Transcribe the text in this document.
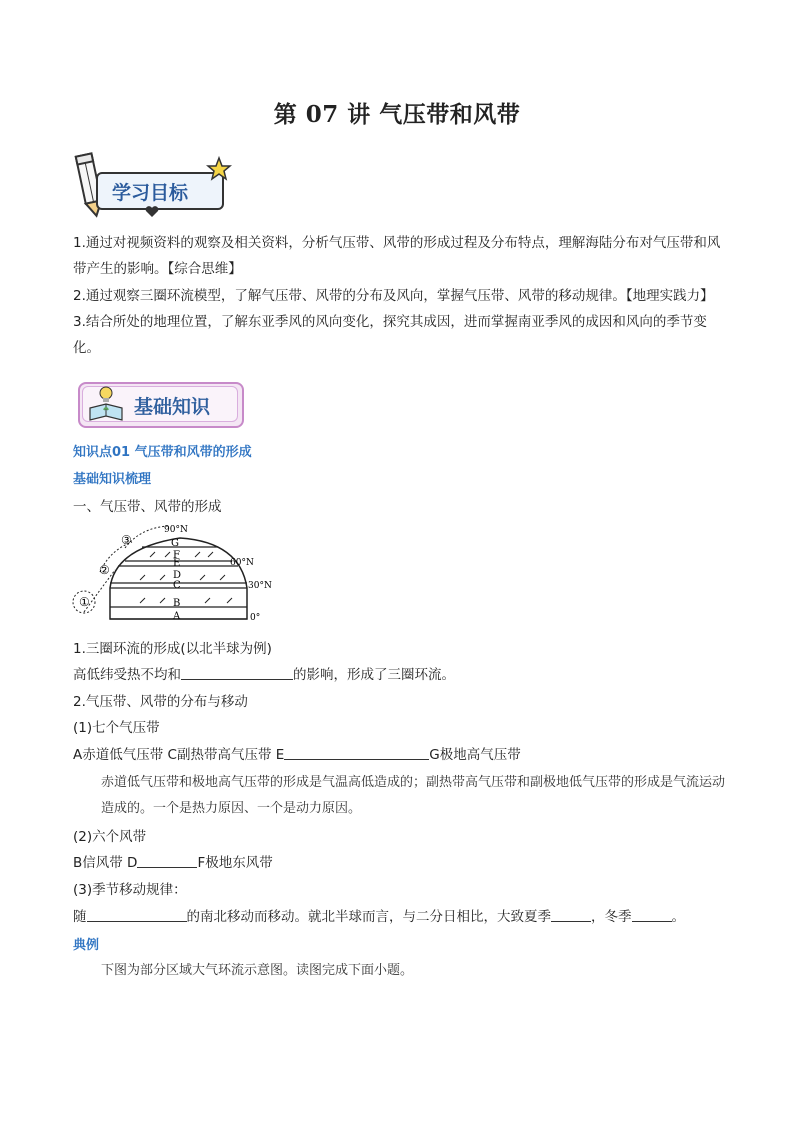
第 07 讲 气压带和风带
学习目标
1.通过对视频资料的观察及相关资料，分析气压带、风带的形成过程及分布特点，理解海陆分布对气压带和风带产生的影响。【综合思维】
2.通过观察三圈环流模型，了解气压带、风带的分布及风向，掌握气压带、风带的移动规律。【地理实践力】
3.结合所处的地理位置，了解东亚季风的风向变化，探究其成因，进而掌握南亚季风的成因和风向的季节变化。
基础知识
知识点01 气压带和风带的形成
基础知识梳理
一、气压带、风带的形成
③
②
①
G
F
E
D
C
B
A
90°N
60°N
30°N
0°
1.三圈环流的形成(以北半球为例)
高低纬受热不均和	的影响，形成了三圈环流。
2.气压带、风带的分布与移动
(1)七个气压带
A赤道低气压带 C副热带高气压带 E	G极地高气压带
赤道低气压带和极地高气压带的形成是气温高低造成的；副热带高气压带和副极地低气压带的形成是气流运动造成的。一个是热力原因、一个是动力原因。
(2)六个风带
B信风带 D	F极地东风带
(3)季节移动规律：
随	的南北移动而移动。就北半球而言，与二分日相比，大致夏季	，冬季	。
典例
下图为部分区域大气环流示意图。读图完成下面小题。
